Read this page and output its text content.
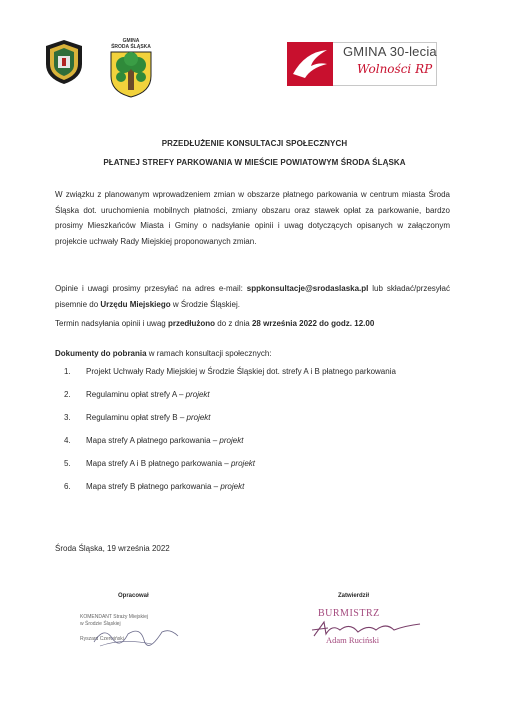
GMINA
ŚRODA ŚLĄSKA	GMINA 30-lecia
Wolności RP
PRZEDŁUŻENIE KONSULTACJI SPOŁECZNYCH
PŁATNEJ STREFY PARKOWANIA W MIEŚCIE POWIATOWYM ŚRODA ŚLĄSKA
W związku z planowanym wprowadzeniem zmian w obszarze płatnego parkowania w centrum miasta Środa Śląska dot. uruchomienia mobilnych płatności, zmiany obszaru oraz stawek opłat za parkowanie, bardzo prosimy Mieszkańców Miasta i Gminy o nadsyłanie opinii i uwag dotyczących opisanych w załączonym projekcie uchwały Rady Miejskiej proponowanych zmian.
Opinie i uwagi prosimy przesyłać na adres e-mail: sppkonsultacje@srodaslaska.pl lub składać/przesyłać pisemnie do Urzędu Miejskiego w Środzie Śląskiej.
Termin nadsyłania opinii i uwag przedłużono do z dnia 28 września 2022 do godz. 12.00
Dokumenty do pobrania w ramach konsultacji społecznych:
1. Projekt Uchwały Rady Miejskiej w Środzie Śląskiej dot. strefy A i B płatnego parkowania
2. Regulaminu opłat strefy A – projekt
3. Regulaminu opłat strefy B – projekt
4. Mapa strefy A płatnego parkowania – projekt
5. Mapa strefy A i B płatnego parkowania – projekt
6. Mapa strefy B płatnego parkowania – projekt
Środa Śląska, 19 września 2022
Opracował	Zatwierdził
KOMENDANT Straży Miejskiej
w Środzie Śląskiej
Ryszard Czerwiński
BURMISTRZ
Adam Ruciński
